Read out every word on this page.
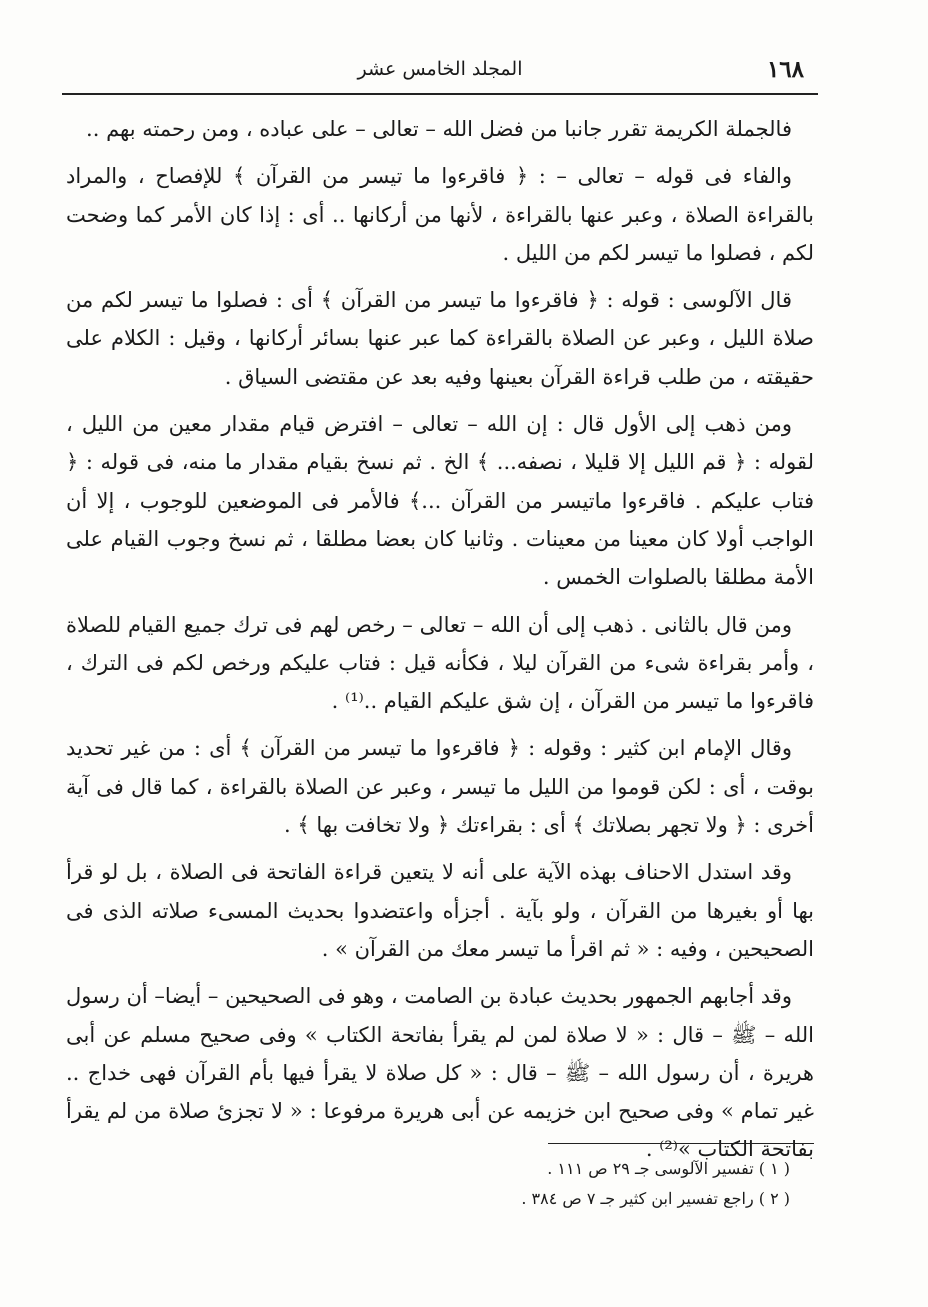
١٦٨
المجلد الخامس عشر

فالجملة الكريمة تقرر جانبا من فضل الله – تعالى – على عباده ، ومن رحمته بهم ..

والفاء فى قوله – تعالى – : ﴿ فاقرءوا ما تيسر من القرآن ﴾ للإفصاح ، والمراد بالقراءة الصلاة ، وعبر عنها بالقراءة ، لأنها من أركانها .. أى : إذا كان الأمر كما وضحت لكم ، فصلوا ما تيسر لكم من الليل .

قال الآلوسى : قوله : ﴿ فاقرءوا ما تيسر من القرآن ﴾ أى : فصلوا ما تيسر لكم من صلاة الليل ، وعبر عن الصلاة بالقراءة كما عبر عنها بسائر أركانها ، وقيل : الكلام على حقيقته ، من طلب قراءة القرآن بعينها وفيه بعد عن مقتضى السياق .

ومن ذهب إلى الأول قال : إن الله – تعالى – افترض قيام مقدار معين من الليل ، لقوله : ﴿ قم الليل إلا قليلا ، نصفه... ﴾ الخ . ثم نسخ بقيام مقدار ما منه، فى قوله : ﴿ فتاب عليكم . فاقرءوا ماتيسر من القرآن ...﴾ فالأمر فى الموضعين للوجوب ، إلا أن الواجب أولا كان معينا من معينات . وثانيا كان بعضا مطلقا ، ثم نسخ وجوب القيام على الأمة مطلقا بالصلوات الخمس .

ومن قال بالثانى . ذهب إلى أن الله – تعالى – رخص لهم فى ترك جميع القيام للصلاة ، وأمر بقراءة شىء من القرآن ليلا ، فكأنه قيل : فتاب عليكم ورخص لكم فى الترك ، فاقرءوا ما تيسر من القرآن ، إن شق عليكم القيام ..⁽¹⁾ .

وقال الإمام ابن كثير : وقوله : ﴿ فاقرءوا ما تيسر من القرآن ﴾ أى : من غير تحديد بوقت ، أى : لكن قوموا من الليل ما تيسر ، وعبر عن الصلاة بالقراءة ، كما قال فى آية أخرى : ﴿ ولا تجهر بصلاتك ﴾ أى : بقراءتك ﴿ ولا تخافت بها ﴾ .

وقد استدل الاحناف بهذه الآية على أنه لا يتعين قراءة الفاتحة فى الصلاة ، بل لو قرأ بها أو بغيرها من القرآن ، ولو بآية . أجزأه واعتضدوا بحديث المسىء صلاته الذى فى الصحيحين ، وفيه : « ثم اقرأ ما تيسر معك من القرآن » .

وقد أجابهم الجمهور بحديث عبادة بن الصامت ، وهو فى الصحيحين – أيضا– أن رسول الله – ﷺ – قال : « لا صلاة لمن لم يقرأ بفاتحة الكتاب » وفى صحيح مسلم عن أبى هريرة ، أن رسول الله – ﷺ – قال : « كل صلاة لا يقرأ فيها بأم القرآن فهى خداج .. غير تمام » وفى صحيح ابن خزيمه عن أبى هريرة مرفوعا : « لا تجزئ صلاة من لم يقرأ بفاتحة الكتاب »⁽²⁾ .

( ١ ) تفسير الآلوسى جـ ٢٩ ص ١١١ .

( ٢ ) راجع تفسير ابن كثير جـ ٧ ص ٣٨٤ .
